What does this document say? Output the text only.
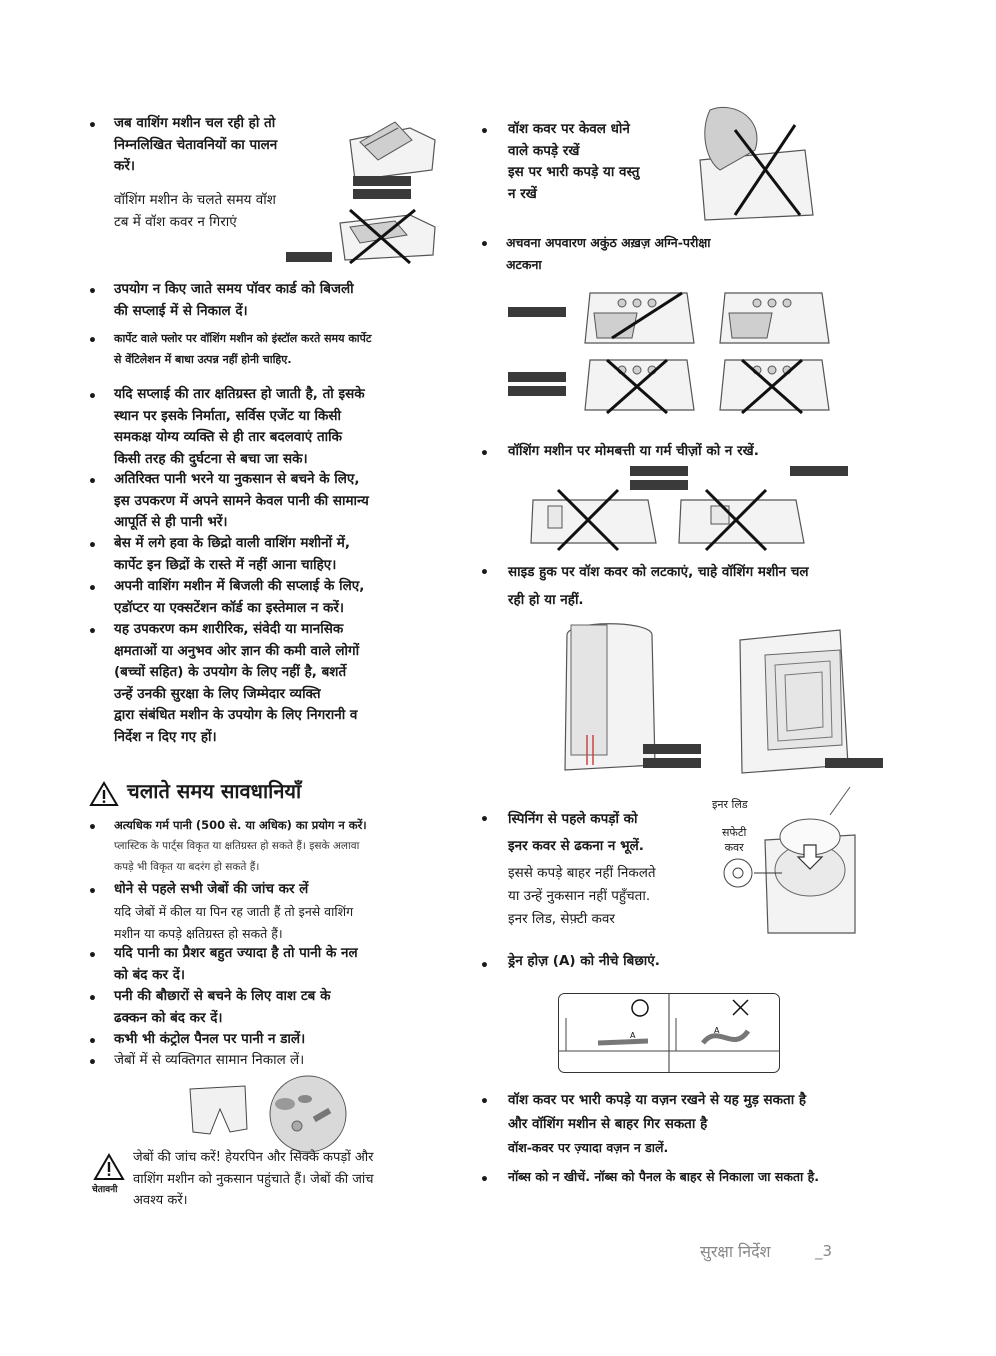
• जब वाशिंग मशीन चल रही हो तो
निम्नलिखित चेतावनियों का पालन
करें।
वॉशिंग मशीन के चलते समय वॉश
टब में वॉश कवर न गिराएं
• उपयोग न किए जाते समय पॉवर कार्ड को बिजली
की सप्लाई में से निकाल दें।
• कार्पेट वाले फ्लोर पर वॉशिंग मशीन को इंस्टॉल करते समय कार्पेट
से वेंटिलेशन में बाधा उत्पन्न नहीं होनी चाहिए.
• यदि सप्लाई की तार क्षतिग्रस्त हो जाती है, तो इसके
स्थान पर इसके निर्माता, सर्विस एजेंट या किसी
समकक्ष योग्य व्यक्ति से ही तार बदलवाएं ताकि
किसी तरह की दुर्घटना से बचा जा सके।
• अतिरिक्त पानी भरने या नुकसान से बचने के लिए,
इस उपकरण में अपने सामने केवल पानी की सामान्य
आपूर्ति से ही पानी भरें।
• बेस में लगे हवा के छिद्रो वाली वाशिंग मशीनों में,
कार्पेट इन छिद्रों के रास्ते में नहीं आना चाहिए।
• अपनी वाशिंग मशीन में बिजली की सप्लाई के लिए,
एडॉप्टर या एक्सटेंशन कॉर्ड का इस्तेमाल न करें।
• यह उपकरण कम शारीरिक, संवेदी या मानसिक
क्षमताओं या अनुभव ओर ज्ञान की कमी वाले लोगों
(बच्चों सहित) के उपयोग के लिए नहीं है, बशर्ते
उन्हें उनकी सुरक्षा के लिए जिम्मेदार व्यक्ति
द्वारा संबंधित मशीन के उपयोग के लिए निगरानी व
निर्देश न दिए गए हों।
चलाते समय सावधानियाँ
• अत्यधिक गर्म पानी (500 से. या अधिक) का प्रयोग न करें।
प्लास्टिक के पार्ट्स विकृत या क्षतिग्रस्त हो सकते हैं। इसके अलावा
कपड़े भी विकृत या बदरंग हो सकते हैं।
• धोने से पहले सभी जेबों की जांच कर लें
यदि जेबों में कील या पिन रह जाती हैं तो इनसे वाशिंग
मशीन या कपड़े क्षतिग्रस्त हो सकते हैं।
• यदि पानी का प्रैशर बहुत ज्यादा है तो पानी के नल
को बंद कर दें।
• पनी की बौछारों से बचने के लिए वाश टब के
ढक्कन को बंद कर दें।
• कभी भी कंट्रोल पैनल पर पानी न डालें।
• जेबों में से व्यक्तिगत सामान निकाल लें।
चेतावनी
जेबों की जांच करें! हेयरपिन और सिक्के कपड़ों और
वाशिंग मशीन को नुकसान पहुंचाते हैं। जेबों की जांच
अवश्य करें।
• वॉश कवर पर केवल धोने
वाले कपड़े रखें
इस पर भारी कपड़े या वस्तु
न रखें
• अचवना अपवारण अकुंठ अख़ज़ अग्नि-परीक्षा
अटकना
• वॉशिंग मशीन पर मोमबत्ती या गर्म चीज़ों को न रखें.
• साइड हुक पर वॉश कवर को लटकाएं, चाहे वॉशिंग मशीन चल
रही हो या नहीं.
• स्पिनिंग से पहले कपड़ों को
इनर कवर से ढकना न भूलें.
इससे कपड़े बाहर नहीं निकलते
या उन्हें नुकसान नहीं पहुँचता.
इनर लिड, सेफ़्टी कवर
इनर लिड
सफेटी
कवर
• ड्रेन होज़ (A) को नीचे बिछाएं.
A
A
• वॉश कवर पर भारी कपड़े या वज़न रखने से यह मुड़ सकता है
और वॉशिंग मशीन से बाहर गिर सकता है
वॉश-कवर पर ज़्यादा वज़न न डालें.
• नॉब्स को न खीचें. नॉब्स को पैनल के बाहर से निकाला जा सकता है.
सुरक्षा निर्देश	_3
